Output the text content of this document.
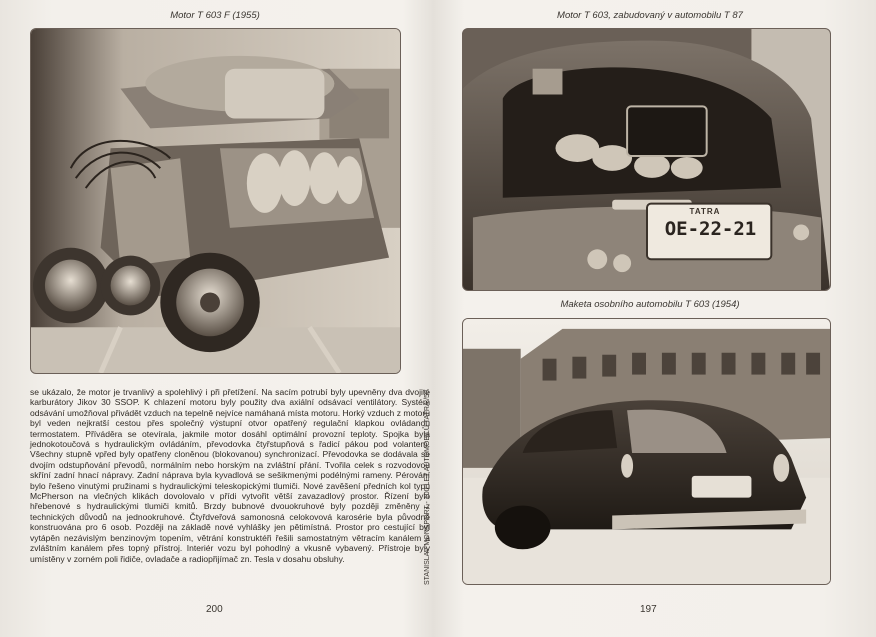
Motor T 603 F (1955)

se ukázalo, že motor je trvanlivý a spolehlivý i při přetížení. Na sacím potrubí byly upevněny dva dvojité karburátory Jikov 30 SSOP. K chlazení motoru byly použity dva axiální odsávací ventilátory. Systém odsávání umožňoval přivádět vzduch na tepelně nejvíce namáhaná místa motoru. Horký vzduch z motoru byl veden nejkratší cestou přes společný výstupní otvor opatřený regulační klapkou ovládanou termostatem. Příváděra se otevírala, jakmile motor dosáhl optimální provozní teploty. Spojka byla jednokotoučová s hydraulickým ovládáním, převodovka čtyřstupňová s řadicí pákou pod volantem. Všechny stupně vpřed byly opatřeny cloněnou (blokovanou) synchronizací. Převodovka se dodávala se dvojím odstupňování převodů, normálním nebo horským na zvláštní přání. Tvořila celek s rozvodovou skříní zadní hnací nápravy. Zadní náprava byla kyvadlová se sešikmenými podélnými rameny. Pérování bylo řešeno vinutými pružinami s hydraulickými teleskopickými tlumiči. Nové zavěšení předních kol typu McPherson na vlečných klikách dovolovalo v přídi vytvořit větší zavazadlový prostor. Řízení bylo hřebenové s hydraulickými tlumiči kmitů. Brzdy bubnové dvouokruhové byly později změněny z technických důvodů na jednookruhové. Čtyřdveřová samonosná celokovová karosérie byla původně konstruována pro 6 osob. Později na základě nové vyhlášky jen pětimístná. Prostor pro cestující byl vytápěn nezávislým benzinovým topením, větrání konstruktéři řešili samostatným větracím kanálem a zvláštním kanálem přes topný přístroj. Interiér vozu byl pohodlný a vkusně vybavený. Přístroje byly umístěny v zorném poli řidiče, ovladače a radiopřijímač zn. Tesla v dosahu obsluhy.

200
STANISLAV MONSPORT - 100 LET AUTOMOBILŮ TATRA /50
Motor T 603, zabudovaný v automobilu T 87
TATRA
OE-22-21
Maketa osobního automobilu T 603 (1954)
197
